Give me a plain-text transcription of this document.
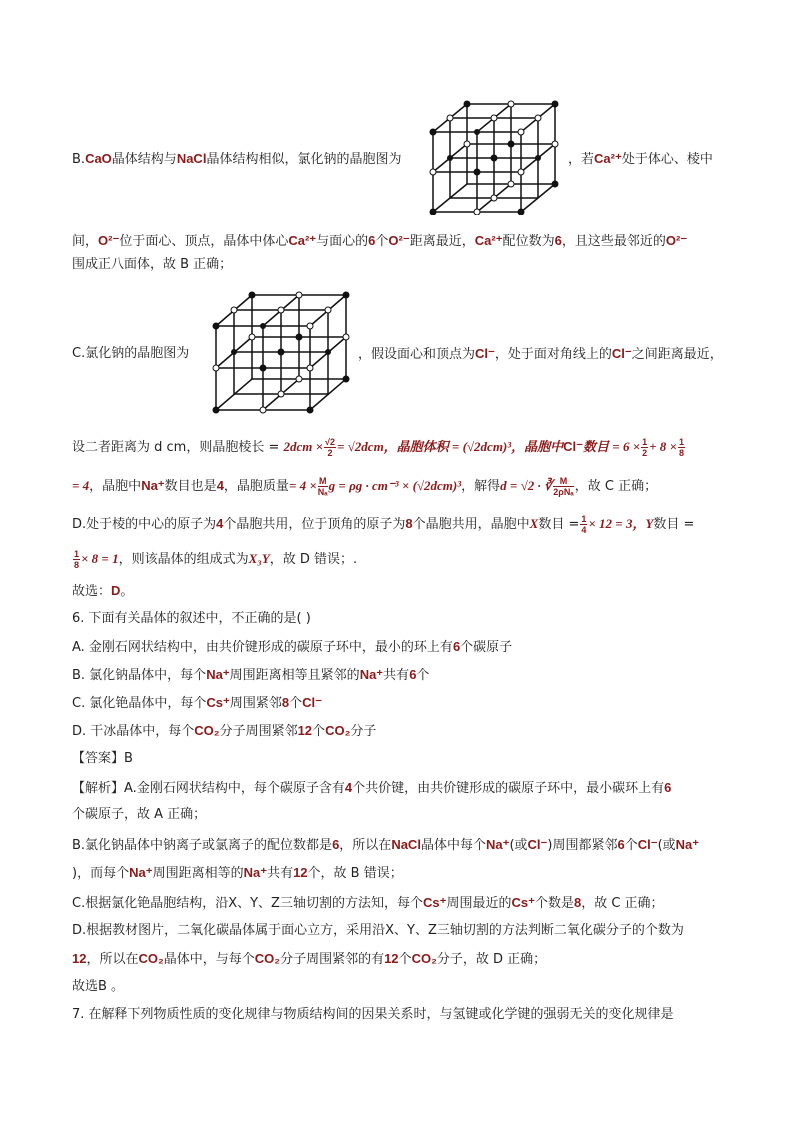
B.CaO晶体结构与NaCl晶体结构相似，氯化钠的晶胞图为	，若Ca²⁺处于体心、棱中
间，O²⁻位于面心、顶点，晶体中体心Ca²⁺与面心的6个O²⁻距离最近，Ca²⁺配位数为6，且这些最邻近的O²⁻
围成正八面体，故 B 正确；
C.氯化钠的晶胞图为	，假设面心和顶点为Cl⁻，处于面对角线上的Cl⁻之间距离最近，
设二者距离为 d cm，则晶胞棱长 = $2dcm \times \frac{√2}{2} = √2dcm$，晶胞体积 = (√2dcm)³，晶胞中Cl⁻数目 = $6 \times \frac{1}{2} + 8 \times \frac{1}{8}$
= 4，晶胞中Na⁺数目也是4，晶胞质量= $4 \times \frac{M}{\text{Nₐ}}$ g = ρg · cm⁻³ × (√2dcm)³，解得d = √2 · ∛ $\frac{M}{\text{2ρNₐ}}$ ，故 C 正确；
D.处于棱的中心的原子为4个晶胞共用，位于顶角的原子为8个晶胞共用，晶胞中X数目 = $\frac{1}{4} \times 12 = 3$，Y数目 =
$\frac{1}{8} \times 8 = 1$，则该晶体的组成式为X₃Y，故 D 错误；.
故选：D。
6. 下面有关晶体的叙述中，不正确的是( )
A. 金刚石网状结构中，由共价键形成的碳原子环中，最小的环上有6个碳原子
B. 氯化钠晶体中，每个Na⁺周围距离相等且紧邻的Na⁺共有6个
C. 氯化铯晶体中，每个Cs⁺周围紧邻8个Cl⁻
D. 干冰晶体中，每个CO₂分子周围紧邻12个CO₂分子
【答案】B
【解析】A.金刚石网状结构中，每个碳原子含有4个共价键，由共价键形成的碳原子环中，最小碳环上有6
个碳原子，故 A 正确；
B.氯化钠晶体中钠离子或氯离子的配位数都是6，所以在NaCl晶体中每个Na⁺(或Cl⁻)周围都紧邻6个Cl⁻(或Na⁺
)，而每个Na⁺周围距离相等的Na⁺共有12个，故 B 错误；
C.根据氯化铯晶胞结构，沿X、Y、Z三轴切割的方法知，每个Cs⁺周围最近的Cs⁺个数是8，故 C 正确；
D.根据教材图片，二氧化碳晶体属于面心立方，采用沿X、Y、Z三轴切割的方法判断二氧化碳分子的个数为
12，所以在CO₂晶体中，与每个CO₂分子周围紧邻的有12个CO₂分子，故 D 正确；
故选B 。
7. 在解释下列物质性质的变化规律与物质结构间的因果关系时，与氢键或化学键的强弱无关的变化规律是
